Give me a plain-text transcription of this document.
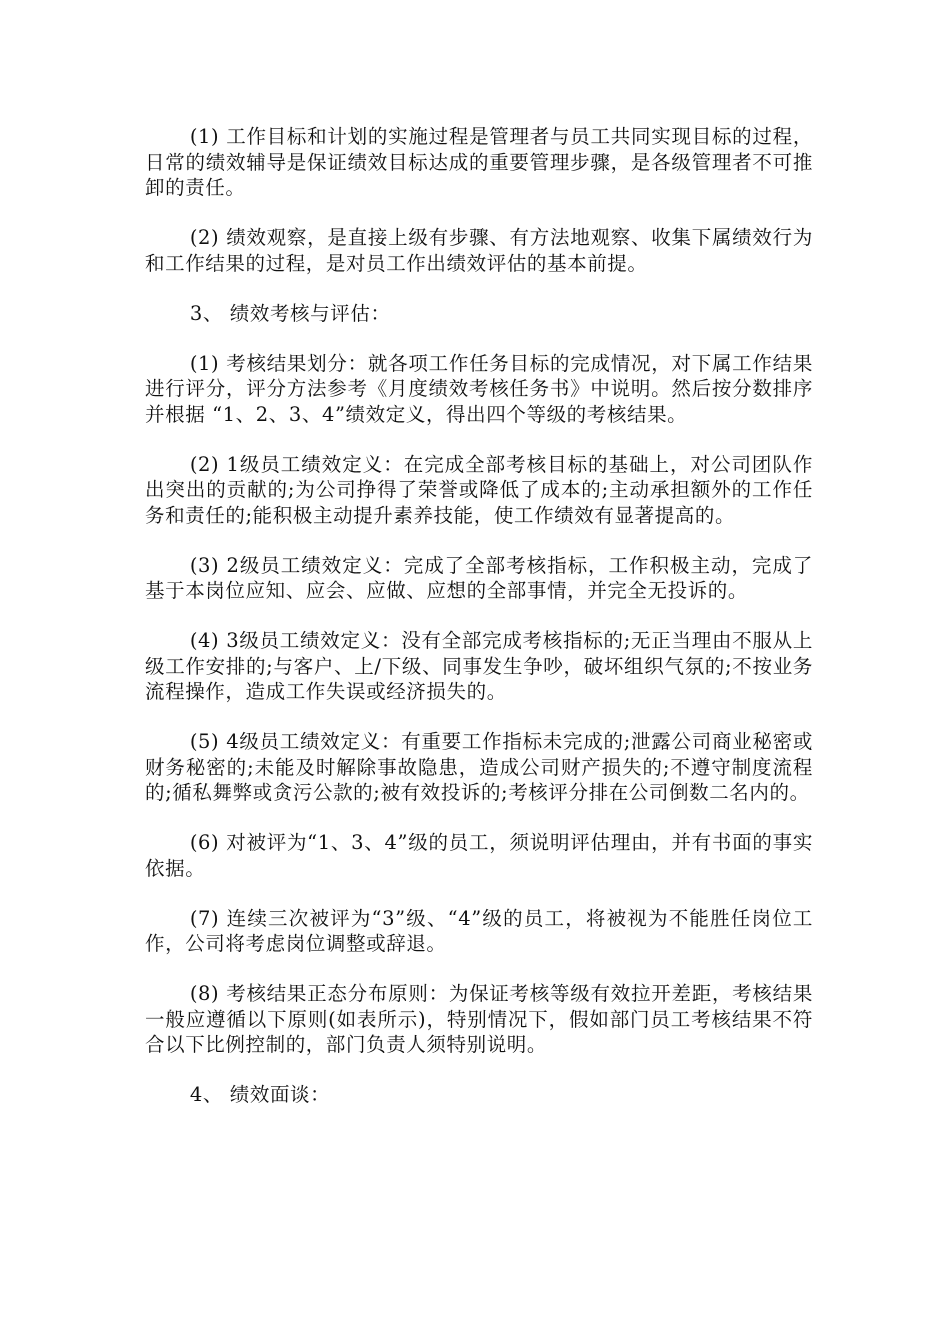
(1) 工作目标和计划的实施过程是管理者与员工共同实现目标的过程，日常的绩效辅导是保证绩效目标达成的重要管理步骤，是各级管理者不可推卸的责任。

(2) 绩效观察，是直接上级有步骤、有方法地观察、收集下属绩效行为和工作结果的过程，是对员工作出绩效评估的基本前提。

3、 绩效考核与评估：

(1) 考核结果划分：就各项工作任务目标的完成情况，对下属工作结果进行评分，评分方法参考《月度绩效考核任务书》中说明。然后按分数排序并根据 “1、2、3、4”绩效定义，得出四个等级的考核结果。

(2) 1级员工绩效定义：在完成全部考核目标的基础上，对公司团队作出突出的贡献的;为公司挣得了荣誉或降低了成本的;主动承担额外的工作任务和责任的;能积极主动提升素养技能，使工作绩效有显著提高的。

(3) 2级员工绩效定义：完成了全部考核指标，工作积极主动，完成了基于本岗位应知、应会、应做、应想的全部事情，并完全无投诉的。

(4) 3级员工绩效定义：没有全部完成考核指标的;无正当理由不服从上级工作安排的;与客户、上/下级、同事发生争吵，破坏组织气氛的;不按业务流程操作，造成工作失误或经济损失的。

(5) 4级员工绩效定义：有重要工作指标未完成的;泄露公司商业秘密或财务秘密的;未能及时解除事故隐患，造成公司财产损失的;不遵守制度流程的;循私舞弊或贪污公款的;被有效投诉的;考核评分排在公司倒数二名内的。

(6) 对被评为“1、3、4”级的员工，须说明评估理由，并有书面的事实依据。

(7) 连续三次被评为“3”级、“4”级的员工，将被视为不能胜任岗位工作，公司将考虑岗位调整或辞退。

(8) 考核结果正态分布原则：为保证考核等级有效拉开差距，考核结果一般应遵循以下原则(如表所示)，特别情况下，假如部门员工考核结果不符合以下比例控制的，部门负责人须特别说明。

4、 绩效面谈：
